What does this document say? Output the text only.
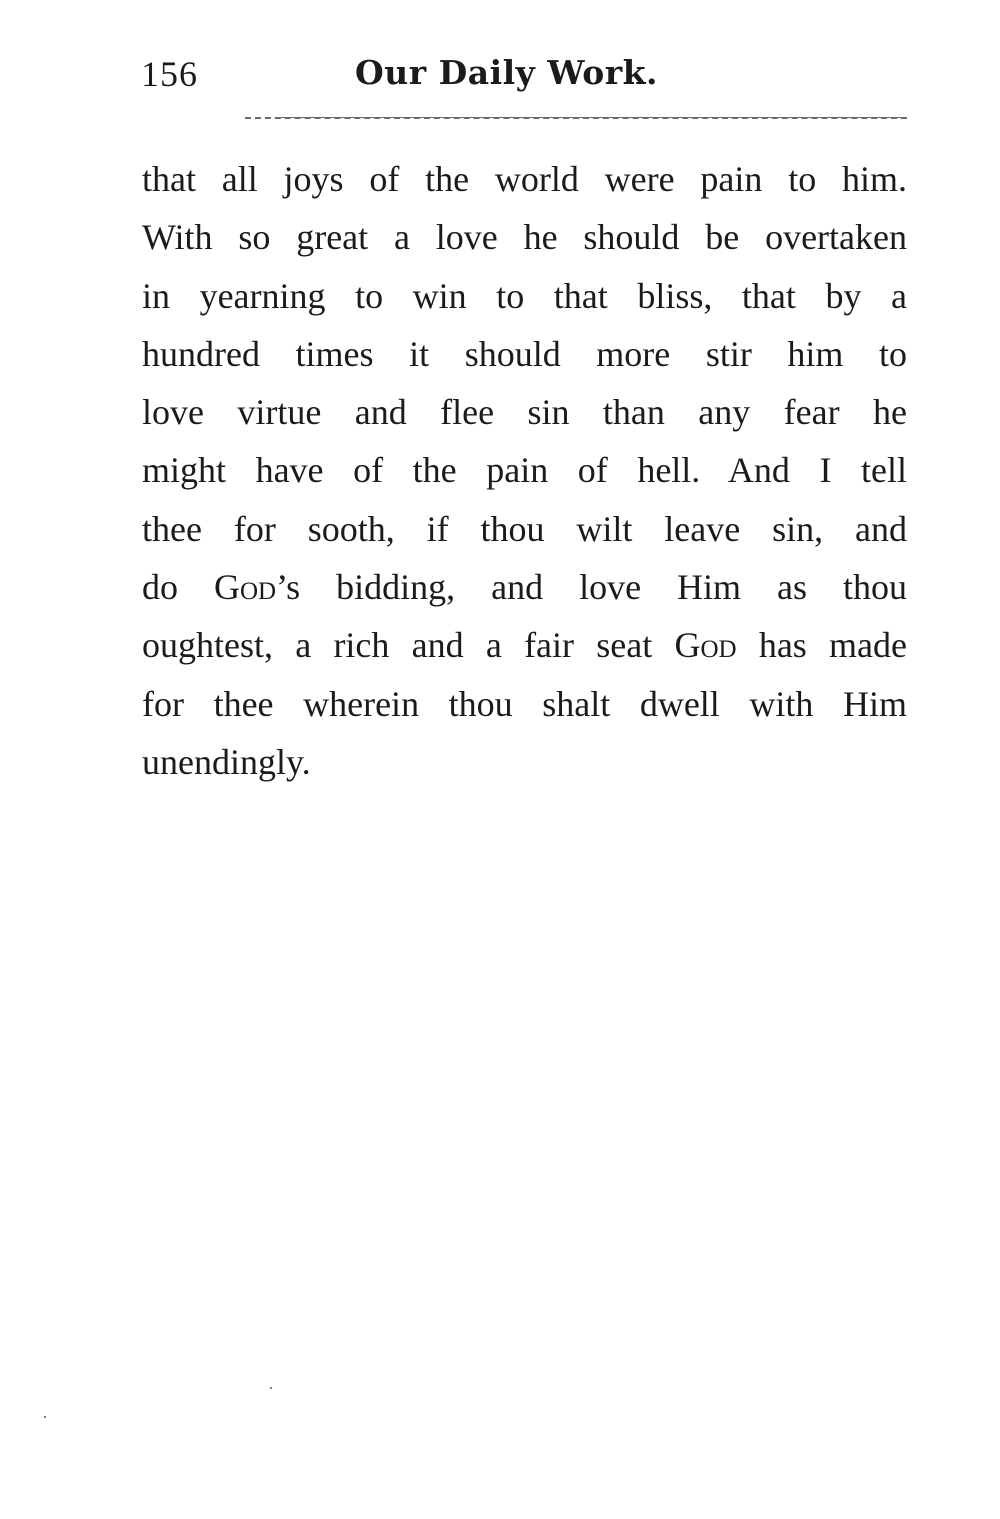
156	Our Daily Work.
that all joys of the world were pain to him.
With so great a love he should be overtaken
in yearning to win to that bliss, that by a
hundred times it should more stir him to
love virtue and flee sin than any fear he
might have of the pain of hell. And I tell
thee for sooth, if thou wilt leave sin, and
do God’s bidding, and love Him as thou
oughtest, a rich and a fair seat God has made
for thee wherein thou shalt dwell with Him
unendingly.
